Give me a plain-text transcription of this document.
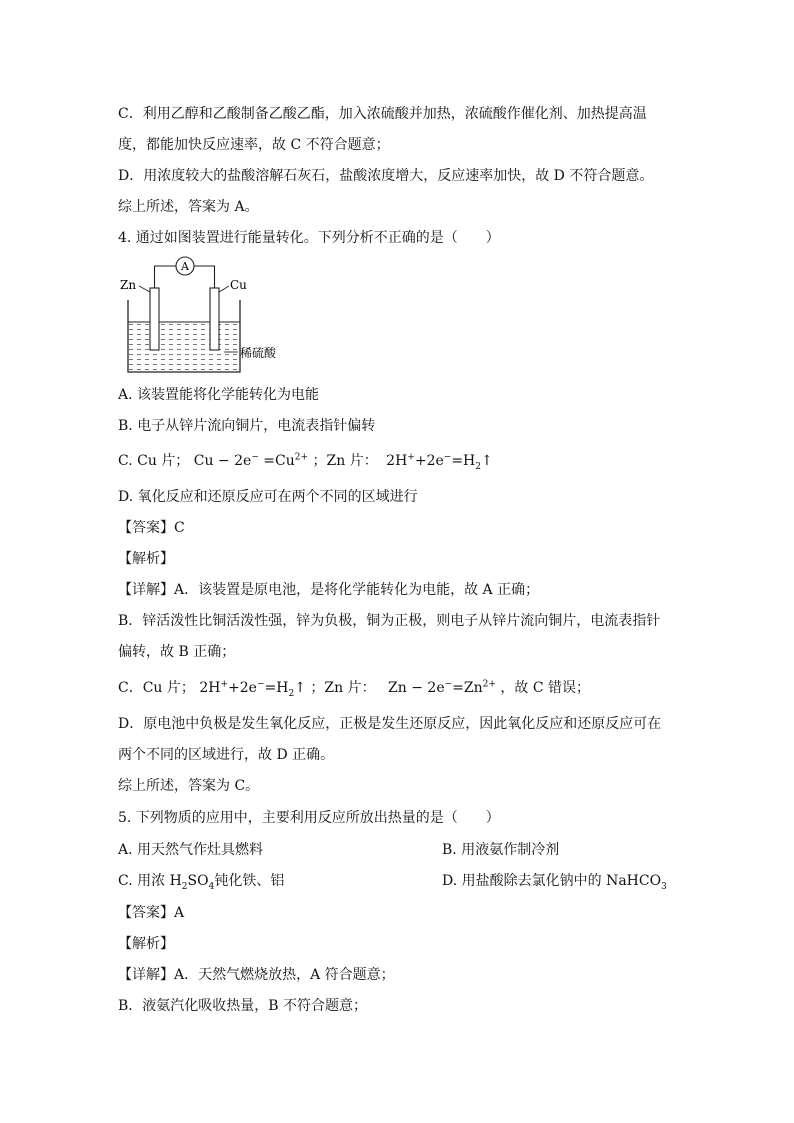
C．利用乙醇和乙酸制备乙酸乙酯，加入浓硫酸并加热，浓硫酸作催化剂、加热提高温
度，都能加快反应速率，故 C 不符合题意；
D．用浓度较大的盐酸溶解石灰石，盐酸浓度增大，反应速率加快，故 D 不符合题意。
综上所述，答案为 A。
4. 通过如图装置进行能量转化。下列分析不正确的是（　　）
A
Zn	Cu
稀硫酸
A. 该装置能将化学能转化为电能
B. 电子从锌片流向铜片，电流表指针偏转
C. Cu 片； $Cu - 2e^- =Cu^{2+}$ ；Zn 片： $2H^++2e^-=H_2↑$
D. 氧化反应和还原反应可在两个不同的区域进行
【答案】C
【解析】
【详解】A．该装置是原电池，是将化学能转化为电能，故 A 正确；
B．锌活泼性比铜活泼性强，锌为负极，铜为正极，则电子从锌片流向铜片，电流表指针
偏转，故 B 正确；
C．Cu 片； $2H^++2e^-=H_2↑$ ；Zn 片： $Zn - 2e^-=Zn^{2+}$ ，故 C 错误；
D．原电池中负极是发生氧化反应，正极是发生还原反应，因此氧化反应和还原反应可在
两个不同的区域进行，故 D 正确。
综上所述，答案为 C。
5. 下列物质的应用中，主要利用反应所放出热量的是（　　）
A. 用天然气作灶具燃料	B. 用液氨作制冷剂
C. 用浓 $H_2SO_4$钝化铁、铝	D. 用盐酸除去氯化钠中的 NaHCO$_3$
【答案】A
【解析】
【详解】A．天然气燃烧放热，A 符合题意；
B．液氨汽化吸收热量，B 不符合题意；
